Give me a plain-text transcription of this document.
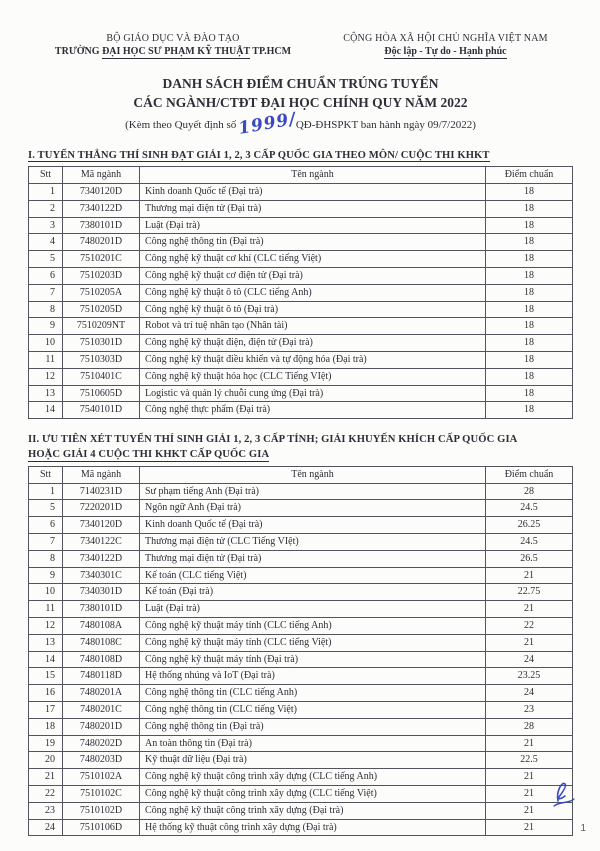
BỘ GIÁO DỤC VÀ ĐÀO TẠO
TRƯỜNG ĐẠI HỌC SƯ PHẠM KỸ THUẬT TP.HCM
CỘNG HÒA XÃ HỘI CHỦ NGHĨA VIỆT NAM
Độc lập - Tự do - Hạnh phúc
DANH SÁCH ĐIỂM CHUẨN TRÚNG TUYỂN
CÁC NGÀNH/CTĐT ĐẠI HỌC CHÍNH QUY NĂM 2022
(Kèm theo Quyết định số1999/QĐ-ĐHSPKT ban hành ngày 09/7/2022)
I. TUYỂN THẲNG THÍ SINH ĐẠT GIẢI 1, 2, 3 CẤP QUỐC GIA THEO MÔN/ CUỘC THI KHKT
Stt	Mã ngành	Tên ngành	Điểm chuẩn
1	7340120D	Kinh doanh Quốc tế (Đại trà)	18
2	7340122D	Thương mại điện tử (Đại trà)	18
3	7380101D	Luật (Đại trà)	18
4	7480201D	Công nghệ thông tin (Đại trà)	18
5	7510201C	Công nghệ kỹ thuật cơ khí (CLC tiếng Việt)	18
6	7510203D	Công nghệ kỹ thuật cơ điện tử (Đại trà)	18
7	7510205A	Công nghệ kỹ thuật ô tô (CLC tiếng Anh)	18
8	7510205D	Công nghệ kỹ thuật ô tô (Đại trà)	18
9	7510209NT	Robot và trí tuệ nhân tạo (Nhân tài)	18
10	7510301D	Công nghệ kỹ thuật điện, điện tử (Đại trà)	18
11	7510303D	Công nghệ kỹ thuật điều khiển và tự động hóa (Đại trà)	18
12	7510401C	Công nghệ kỹ thuật hóa học (CLC Tiếng VIệt)	18
13	7510605D	Logistic và quản lý chuỗi cung ứng (Đại trà)	18
14	7540101D	Công nghệ thực phẩm (Đại trà)	18
II. ƯU TIÊN XÉT TUYỂN THÍ SINH GIẢI 1, 2, 3 CẤP TỈNH; GIẢI KHUYẾN KHÍCH CẤP QUỐC GIA
HOẶC GIẢI 4 CUỘC THI KHKT CẤP QUỐC GIA
Stt	Mã ngành	Tên ngành	Điểm chuẩn
1	7140231D	Sư phạm tiếng Anh (Đại trà)	28
5	7220201D	Ngôn ngữ Anh (Đại trà)	24.5
6	7340120D	Kinh doanh Quốc tế (Đại trà)	26.25
7	7340122C	Thương mại điện tử (CLC Tiếng VIệt)	24.5
8	7340122D	Thương mại điện tử (Đại trà)	26.5
9	7340301C	Kế toán (CLC tiếng Việt)	21
10	7340301D	Kế toán (Đại trà)	22.75
11	7380101D	Luật (Đại trà)	21
12	7480108A	Công nghệ kỹ thuật máy tính (CLC tiếng Anh)	22
13	7480108C	Công nghệ kỹ thuật máy tính (CLC tiếng Việt)	21
14	7480108D	Công nghệ kỹ thuật máy tính (Đại trà)	24
15	7480118D	Hệ thống nhúng và IoT (Đại trà)	23.25
16	7480201A	Công nghệ thông tin (CLC tiếng Anh)	24
17	7480201C	Công nghệ thông tin (CLC tiếng Việt)	23
18	7480201D	Công nghệ thông tin (Đại trà)	28
19	7480202D	An toàn thông tin (Đại trà)	21
20	7480203D	Kỹ thuật dữ liệu (Đại trà)	22.5
21	7510102A	Công nghệ kỹ thuật công trình xây dựng (CLC tiếng Anh)	21
22	7510102C	Công nghệ kỹ thuật công trình xây dựng (CLC tiếng Việt)	21
23	7510102D	Công nghệ kỹ thuật công trình xây dựng (Đại trà)	21
24	7510106D	Hệ thống kỹ thuật công trình xây dựng (Đại trà)	21	1
